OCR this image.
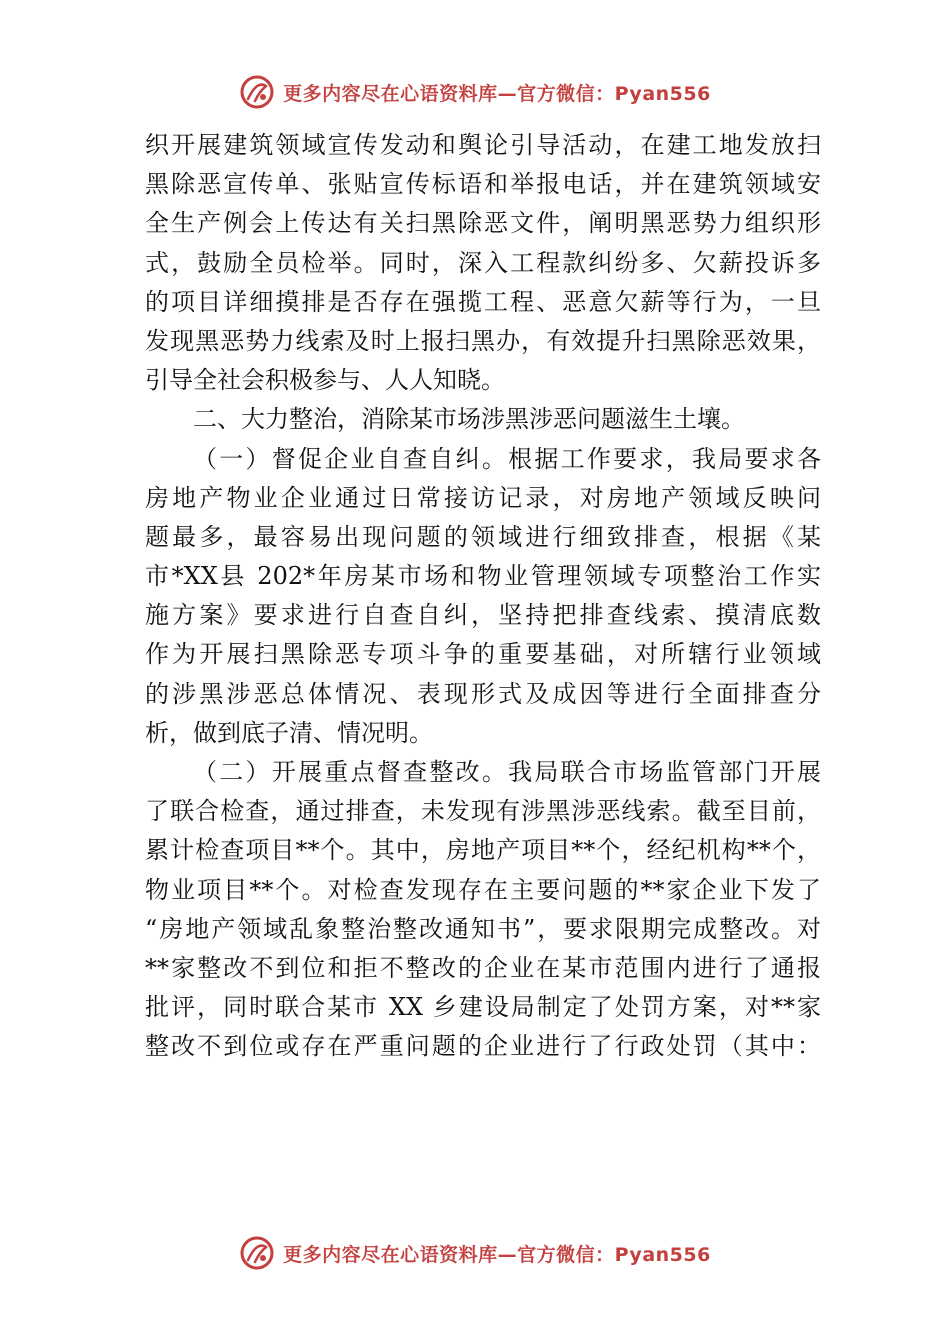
更多内容尽在心语资料库—官方微信：Pyan556
织开展建筑领域宣传发动和舆论引导活动，在建工地发放扫
黑除恶宣传单、张贴宣传标语和举报电话，并在建筑领域安
全生产例会上传达有关扫黑除恶文件，阐明黑恶势力组织形
式，鼓励全员检举。同时，深入工程款纠纷多、欠薪投诉多
的项目详细摸排是否存在强揽工程、恶意欠薪等行为，一旦
发现黑恶势力线索及时上报扫黑办，有效提升扫黑除恶效果，
引导全社会积极参与、人人知晓。
二、大力整治，消除某市场涉黑涉恶问题滋生土壤。
（一）督促企业自查自纠。根据工作要求，我局要求各
房地产物业企业通过日常接访记录，对房地产领域反映问
题最多，最容易出现问题的领域进行细致排查，根据《某
市*XX县 202*年房某市场和物业管理领域专项整治工作实
施方案》要求进行自查自纠，坚持把排查线索、摸清底数
作为开展扫黑除恶专项斗争的重要基础，对所辖行业领域
的涉黑涉恶总体情况、表现形式及成因等进行全面排查分
析，做到底子清、情况明。
（二）开展重点督查整改。我局联合市场监管部门开展
了联合检查，通过排查，未发现有涉黑涉恶线索。截至目前，
累计检查项目**个。其中，房地产项目**个，经纪机构**个，
物业项目**个。对检查发现存在主要问题的**家企业下发了
“房地产领域乱象整治整改通知书”，要求限期完成整改。对
**家整改不到位和拒不整改的企业在某市范围内进行了通报
批评，同时联合某市 XX 乡建设局制定了处罚方案，对**家
整改不到位或存在严重问题的企业进行了行政处罚（其中：
更多内容尽在心语资料库—官方微信：Pyan556
